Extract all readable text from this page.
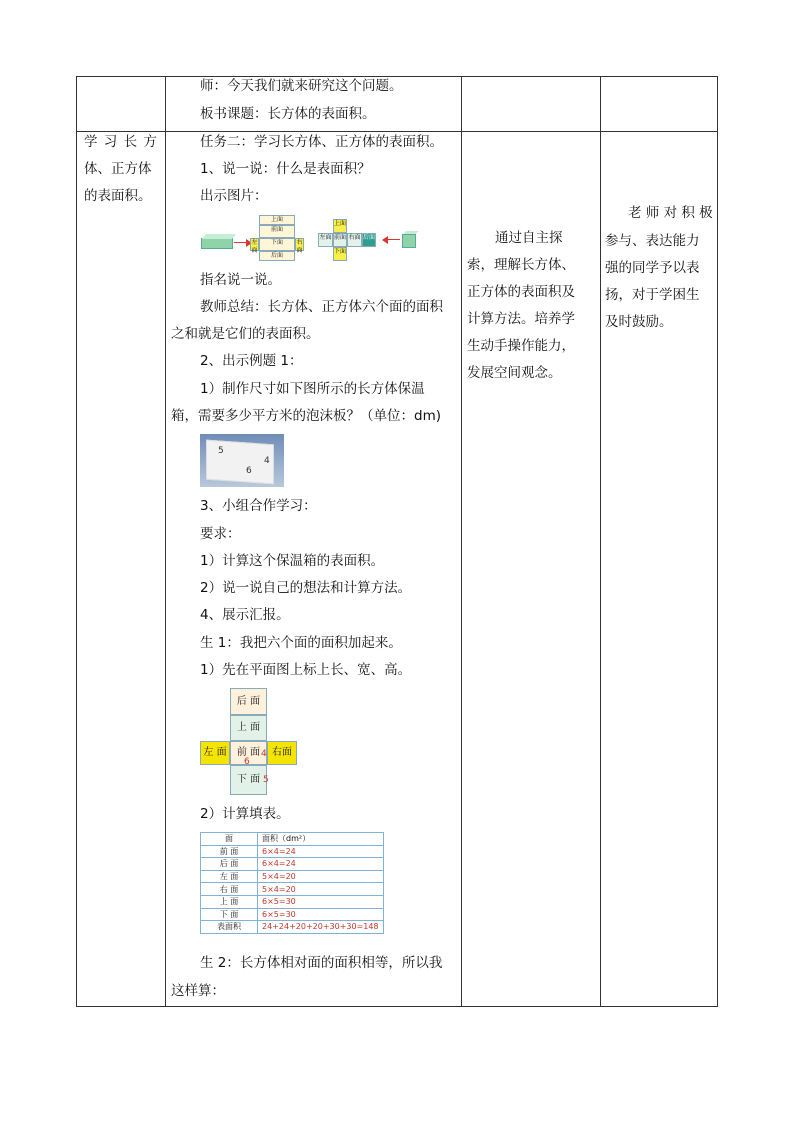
师：今天我们就来研究这个问题。
板书课题：长方体的表面积。
学 习 长 方
体、正方体
的表面积。
任务二：学习长方体、正方体的表面积。
1、说一说：什么是表面积？
出示图片：
上面
前面
左面
下面	右面
后面
上面
左面 前面 右面 后面
下面
指名说一说。
教师总结：长方体、正方体六个面的面积
之和就是它们的表面积。
2、出示例题 1：
1）制作尺寸如下图所示的长方体保温
箱，需要多少平方米的泡沫板？（单位：dm)
5
4
6
3、小组合作学习：
要求：
1）计算这个保温箱的表面积。
2）说一说自己的想法和计算方法。
4、展示汇报。
生 1：我把六个面的面积加起来。
1）先在平面图上标上长、宽、高。
后 面
上 面
左 面	前 面	右面
下 面
6
4
5
2）计算填表。
面	面积（dm²）
前 面	6×4=24
后 面	6×4=24
左 面	5×4=20
右 面	5×4=20
上 面	6×5=30
下 面	6×5=30
表面积	24+24+20+20+30+30=148
生 2：长方体相对面的面积相等，所以我
这样算：
通过自主探
索，理解长方体、
正方体的表面积及
计算方法。培养学
生动手操作能力，
发展空间观念。
老 师 对 积 极
参与、表达能力
强的同学予以表
扬，对于学困生
及时鼓励。
